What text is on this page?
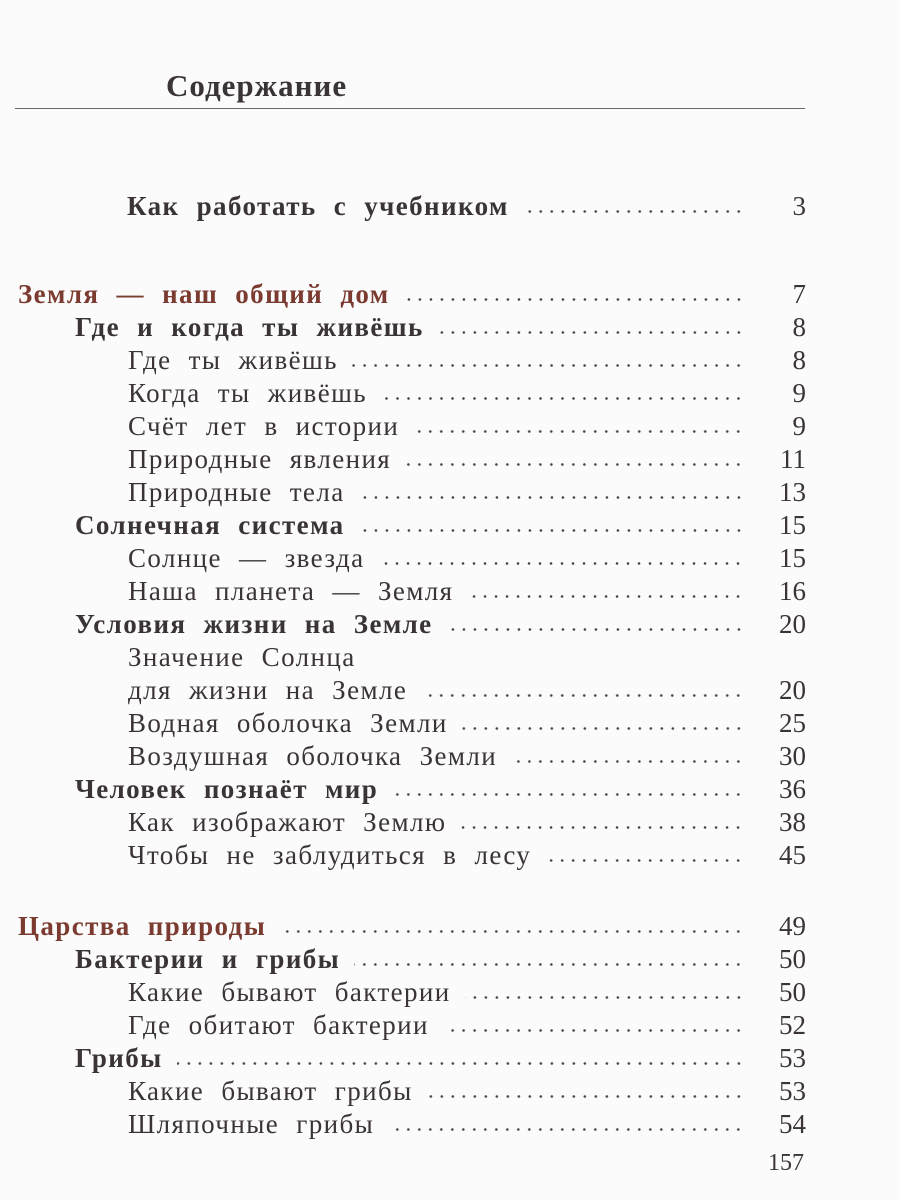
Содержание
Как работать с учебником	3
Земля — наш общий дом	7
Где и когда ты живёшь	8
Где ты живёшь	8
Когда ты живёшь	9
Счёт лет в истории	9
Природные явления	11
Природные тела	13
Солнечная система	15
Солнце — звезда	15
Наша планета — Земля	16
Условия жизни на Земле	20
Значение Солнца
для жизни на Земле	20
Водная оболочка Земли	25
Воздушная оболочка Земли	30
Человек познаёт мир	36
Как изображают Землю	38
Чтобы не заблудиться в лесу	45
Царства природы	49
Бактерии и грибы	50
Какие бывают бактерии	50
Где обитают бактерии	52
Грибы	53
Какие бывают грибы	53
Шляпочные грибы	54
157
